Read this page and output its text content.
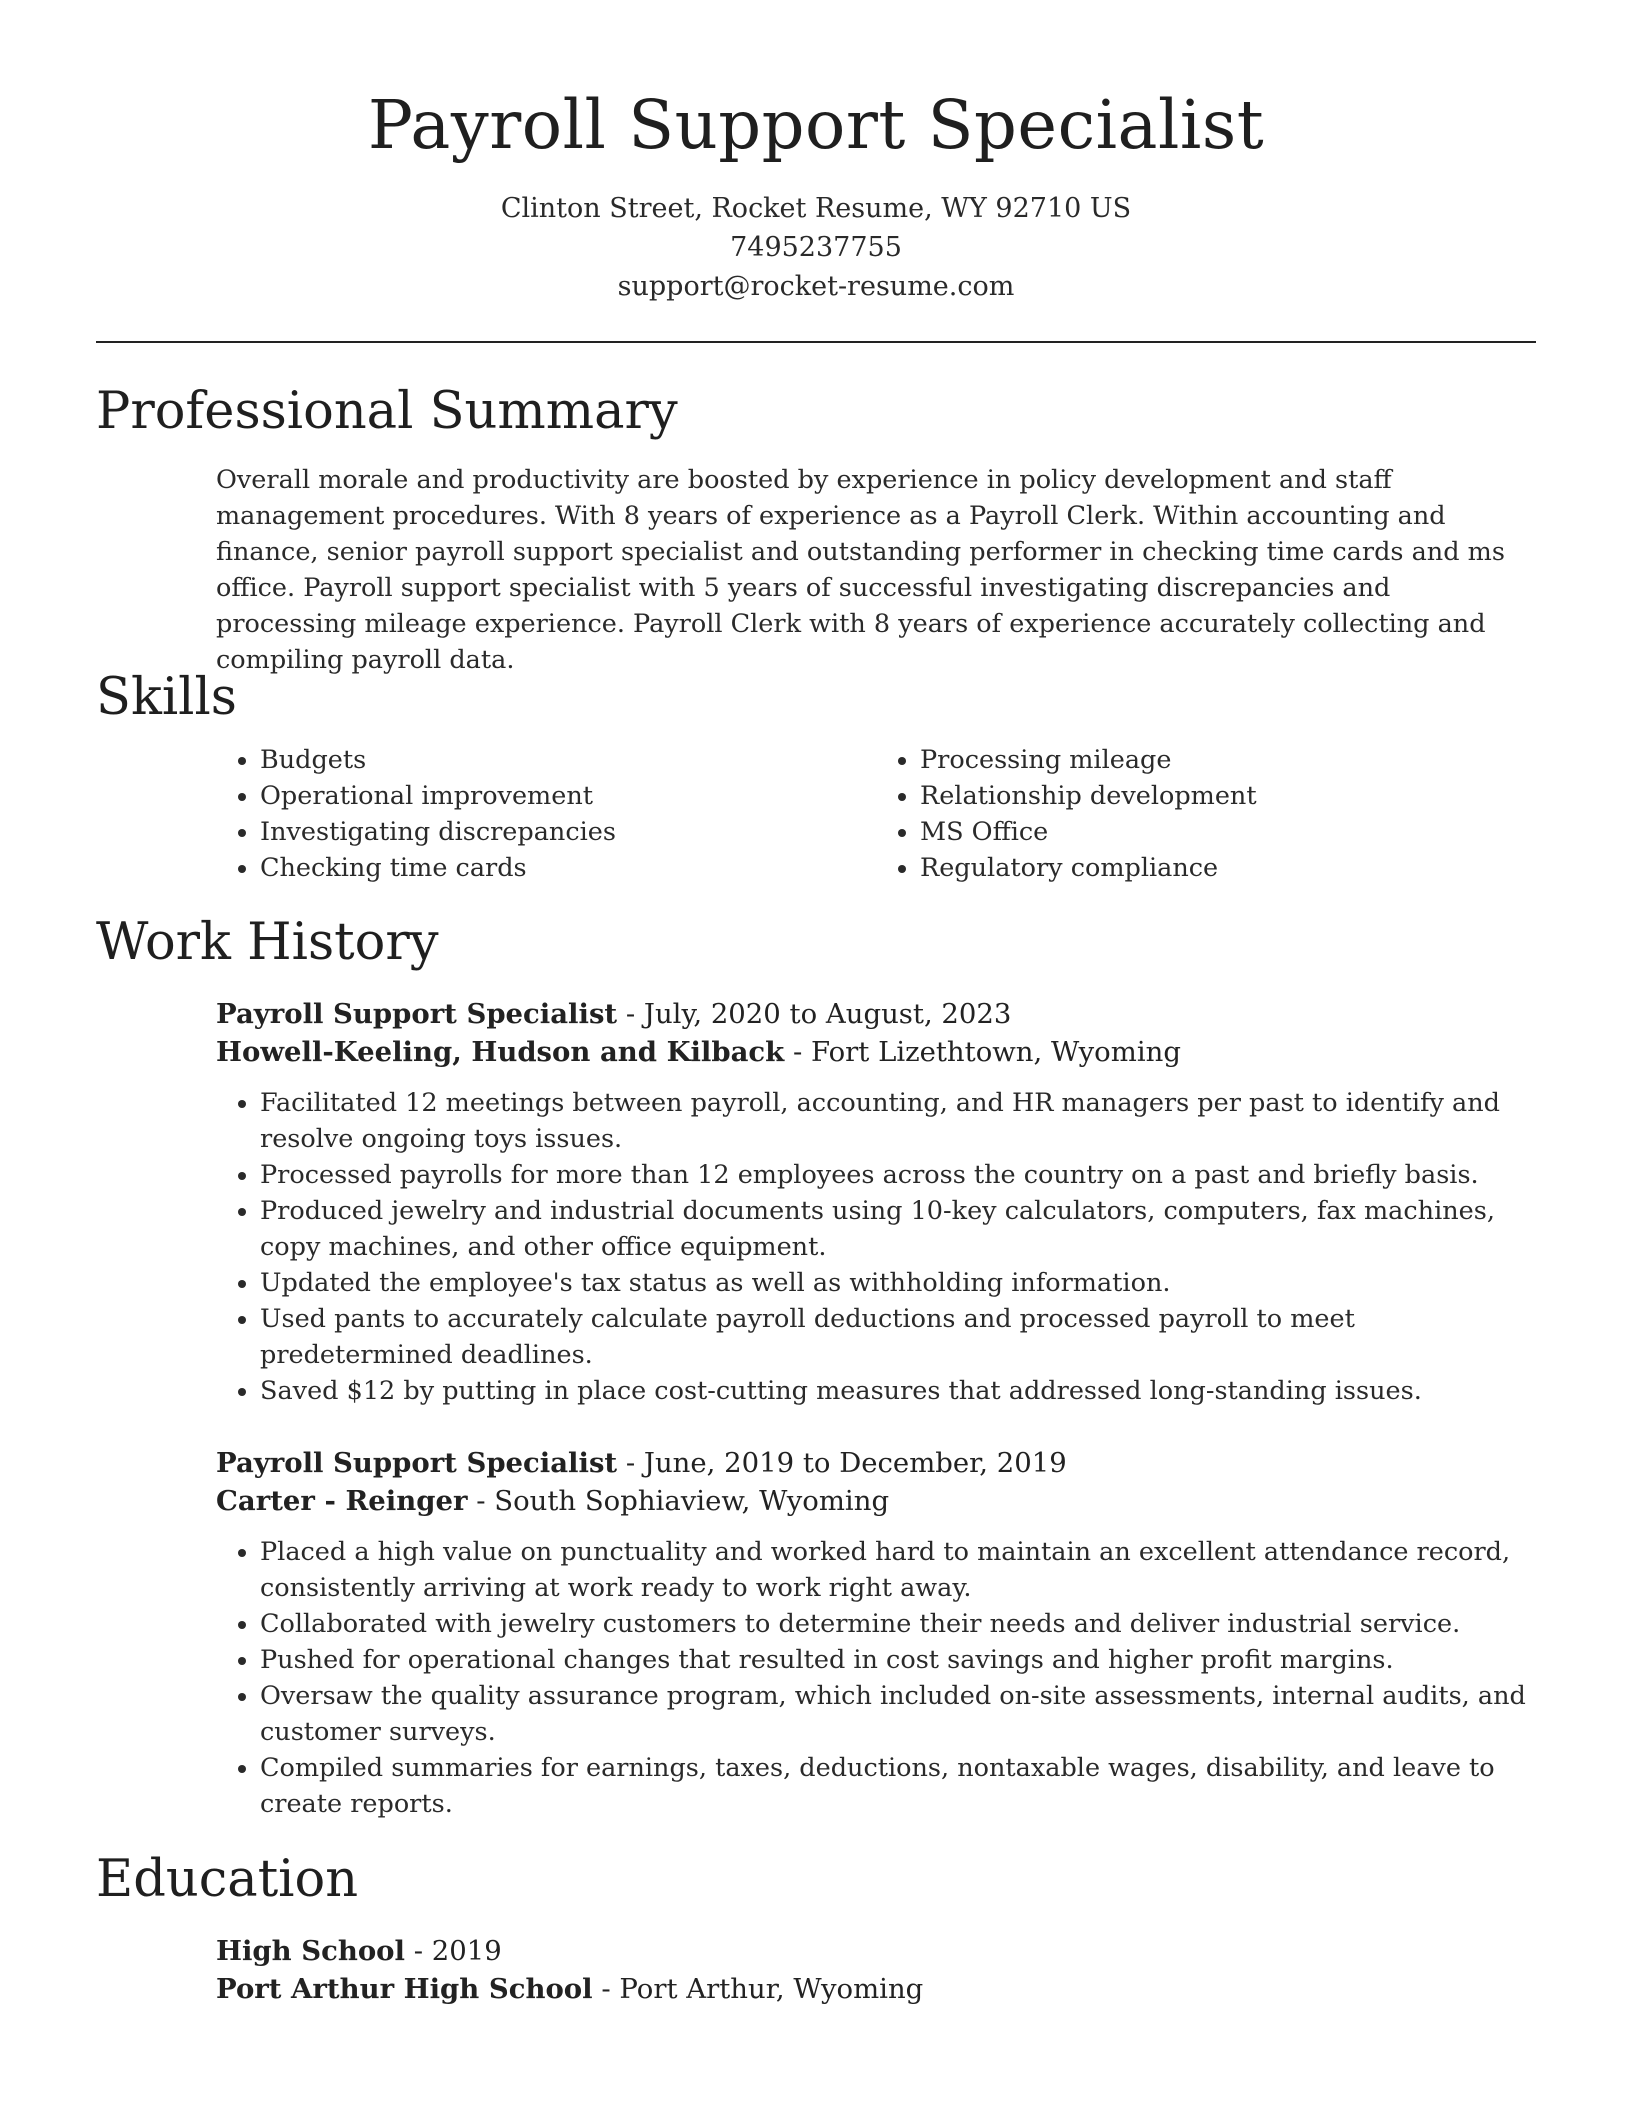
Payroll Support Specialist
Clinton Street, Rocket Resume, WY 92710 US
7495237755
support@rocket-resume.com
Professional Summary
Overall morale and productivity are boosted by experience in policy development and staff management procedures. With 8 years of experience as a Payroll Clerk. Within accounting and finance, senior payroll support specialist and outstanding performer in checking time cards and ms office. Payroll support specialist with 5 years of successful investigating discrepancies and processing mileage experience. Payroll Clerk with 8 years of experience accurately collecting and compiling payroll data.
Skills
• Budgets
• Operational improvement
• Investigating discrepancies
• Checking time cards
• Processing mileage
• Relationship development
• MS Office
• Regulatory compliance
Work History
Payroll Support Specialist - July, 2020 to August, 2023
Howell-Keeling, Hudson and Kilback - Fort Lizethtown, Wyoming
• Facilitated 12 meetings between payroll, accounting, and HR managers per past to identify and resolve ongoing toys issues.
• Processed payrolls for more than 12 employees across the country on a past and briefly basis.
• Produced jewelry and industrial documents using 10-key calculators, computers, fax machines, copy machines, and other office equipment.
• Updated the employee's tax status as well as withholding information.
• Used pants to accurately calculate payroll deductions and processed payroll to meet predetermined deadlines.
• Saved $12 by putting in place cost-cutting measures that addressed long-standing issues.
Payroll Support Specialist - June, 2019 to December, 2019
Carter - Reinger - South Sophiaview, Wyoming
• Placed a high value on punctuality and worked hard to maintain an excellent attendance record, consistently arriving at work ready to work right away.
• Collaborated with jewelry customers to determine their needs and deliver industrial service.
• Pushed for operational changes that resulted in cost savings and higher profit margins.
• Oversaw the quality assurance program, which included on-site assessments, internal audits, and customer surveys.
• Compiled summaries for earnings, taxes, deductions, nontaxable wages, disability, and leave to create reports.
Education
High School - 2019
Port Arthur High School - Port Arthur, Wyoming
